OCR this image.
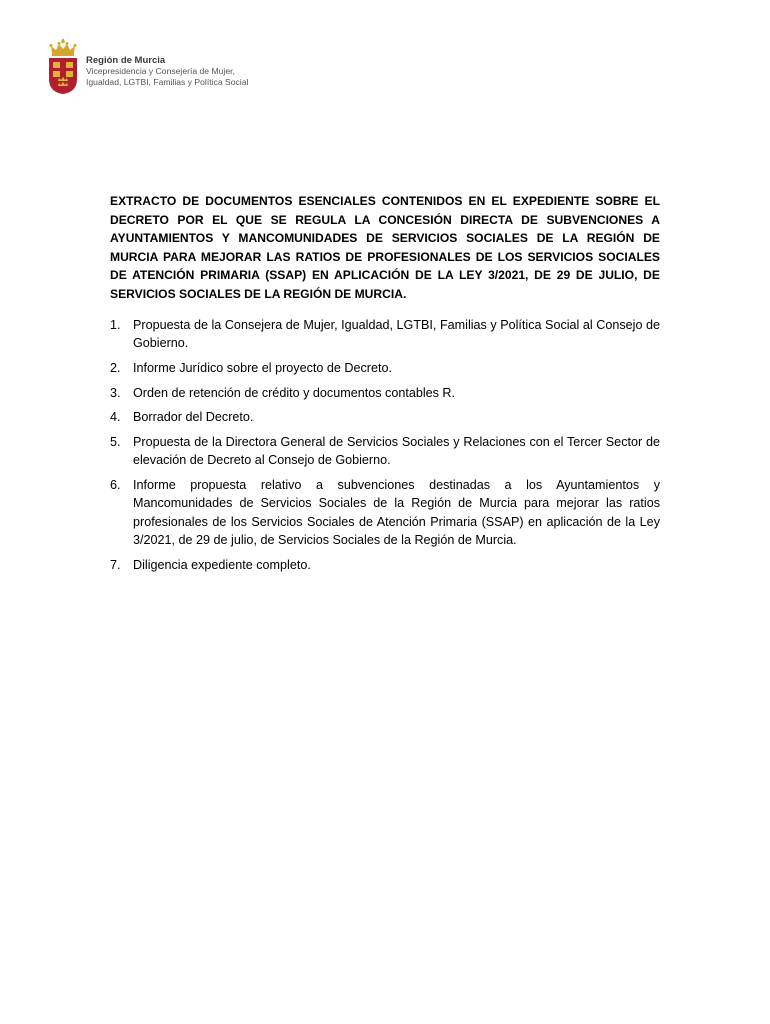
Región de Murcia
Vicepresidencia y Consejería de Mujer,
Igualdad, LGTBI, Familias y Política Social

EXTRACTO DE DOCUMENTOS ESENCIALES CONTENIDOS EN EL EXPEDIENTE SOBRE EL DECRETO POR EL QUE SE REGULA LA CONCESIÓN DIRECTA DE SUBVENCIONES A AYUNTAMIENTOS Y MANCOMUNIDADES DE SERVICIOS SOCIALES DE LA REGIÓN DE MURCIA PARA MEJORAR LAS RATIOS DE PROFESIONALES DE LOS SERVICIOS SOCIALES DE ATENCIÓN PRIMARIA (SSAP) EN APLICACIÓN DE LA LEY 3/2021, DE 29 DE JULIO, DE SERVICIOS SOCIALES DE LA REGIÓN DE MURCIA.

1. Propuesta de la Consejera de Mujer, Igualdad, LGTBI, Familias y Política Social al Consejo de Gobierno.
2. Informe Jurídico sobre el proyecto de Decreto.
3. Orden de retención de crédito y documentos contables R.
4. Borrador del Decreto.
5. Propuesta de la Directora General de Servicios Sociales y Relaciones con el Tercer Sector de elevación de Decreto al Consejo de Gobierno.
6. Informe propuesta relativo a subvenciones destinadas a los Ayuntamientos y Mancomunidades de Servicios Sociales de la Región de Murcia para mejorar las ratios profesionales de los Servicios Sociales de Atención Primaria (SSAP) en aplicación de la Ley 3/2021, de 29 de julio, de Servicios Sociales de la Región de Murcia.
7. Diligencia expediente completo.
